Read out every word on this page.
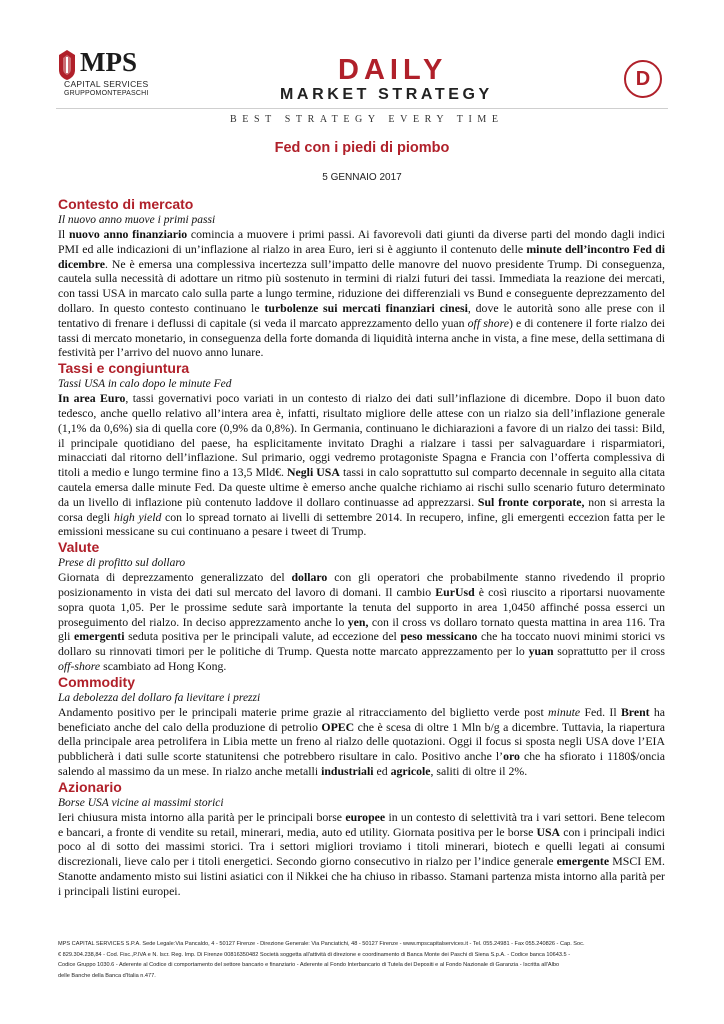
MPS
CAPITAL SERVICES
GRUPPOMONTEPASCHI
DAILY
MARKET STRATEGY
D
BEST STRATEGY EVERY TIME
Fed con i piedi di piombo
5 GENNAIO 2017
Contesto di mercato
Il nuovo anno muove i primi passi

Il nuovo anno finanziario comincia a muovere i primi passi. Ai favorevoli dati giunti da diverse parti del mondo dagli indici PMI ed alle indicazioni di un’inflazione al rialzo in area Euro, ieri si è aggiunto il contenuto delle minute dell’incontro Fed di dicembre. Ne è emersa una complessiva incertezza sull’impatto delle manovre del nuovo presidente Trump. Di conseguenza, cautela sulla necessità di adottare un ritmo più sostenuto in termini di rialzi futuri dei tassi. Immediata la reazione dei mercati, con tassi USA in marcato calo sulla parte a lungo termine, riduzione dei differenziali vs Bund e conseguente deprezzamento del dollaro. In questo contesto continuano le turbolenze sui mercati finanziari cinesi, dove le autorità sono alle prese con il tentativo di frenare i deflussi di capitale (si veda il marcato apprezzamento dello yuan off shore) e di contenere il forte rialzo dei tassi di mercato monetario, in conseguenza della forte domanda di liquidità interna anche in vista, a fine mese, della settimana di festività per l’arrivo del nuovo anno lunare.

Tassi e congiuntura
Tassi USA in calo dopo le minute Fed

In area Euro, tassi governativi poco variati in un contesto di rialzo dei dati sull’inflazione di dicembre. Dopo il buon dato tedesco, anche quello relativo all’intera area è, infatti, risultato migliore delle attese con un rialzo sia dell’inflazione generale (1,1% da 0,6%) sia di quella core (0,9% da 0,8%). In Germania, continuano le dichiarazioni a favore di un rialzo dei tassi: Bild, il principale quotidiano del paese, ha esplicitamente invitato Draghi a rialzare i tassi per salvaguardare i risparmiatori, minacciati dal ritorno dell’inflazione. Sul primario, oggi vedremo protagoniste Spagna e Francia con l’offerta complessiva di titoli a medio e lungo termine fino a 13,5 Mld€. Negli USA tassi in calo soprattutto sul comparto decennale in seguito alla citata cautela emersa dalle minute Fed. Da queste ultime è emerso anche qualche richiamo ai rischi sullo scenario futuro determinato da un livello di inflazione più contenuto laddove il dollaro continuasse ad apprezzarsi. Sul fronte corporate, non si arresta la corsa degli high yield con lo spread tornato ai livelli di settembre 2014. In recupero, infine, gli emergenti eccezion fatta per le emissioni messicane su cui continuano a pesare i tweet di Trump.

Valute
Prese di profitto sul dollaro

Giornata di deprezzamento generalizzato del dollaro con gli operatori che probabilmente stanno rivedendo il proprio posizionamento in vista dei dati sul mercato del lavoro di domani. Il cambio EurUsd è così riuscito a riportarsi nuovamente sopra quota 1,05. Per le prossime sedute sarà importante la tenuta del supporto in area 1,0450 affinché possa esserci un proseguimento del rialzo. In deciso apprezzamento anche lo yen, con il cross vs dollaro tornato questa mattina in area 116. Tra gli emergenti seduta positiva per le principali valute, ad eccezione del peso messicano che ha toccato nuovi minimi storici vs dollaro su rinnovati timori per le politiche di Trump. Questa notte marcato apprezzamento per lo yuan soprattutto per il cross off-shore scambiato ad Hong Kong.

Commodity
La debolezza del dollaro fa lievitare i prezzi

Andamento positivo per le principali materie prime grazie al ritracciamento del biglietto verde post minute Fed. Il Brent ha beneficiato anche del calo della produzione di petrolio OPEC che è scesa di oltre 1 Mln b/g a dicembre. Tuttavia, la riapertura della principale area petrolifera in Libia mette un freno al rialzo delle quotazioni. Oggi il focus si sposta negli USA dove l’EIA pubblicherà i dati sulle scorte statunitensi che potrebbero risultare in calo. Positivo anche l’oro che ha sfiorato i 1180$/oncia salendo al massimo da un mese. In rialzo anche metalli industriali ed agricole, saliti di oltre il 2%.

Azionario
Borse USA vicine ai massimi storici

Ieri chiusura mista intorno alla parità per le principali borse europee in un contesto di selettività tra i vari settori. Bene telecom e bancari, a fronte di vendite su retail, minerari, media, auto ed utility. Giornata positiva per le borse USA con i principali indici poco al di sotto dei massimi storici. Tra i settori migliori troviamo i titoli minerari, biotech e quelli legati ai consumi discrezionali, lieve calo per i titoli energetici. Secondo giorno consecutivo in rialzo per l’indice generale emergente MSCI EM. Stanotte andamento misto sui listini asiatici con il Nikkei che ha chiuso in ribasso. Stamani partenza mista intorno alla parità per i principali listini europei.

MPS CAPITAL SERVICES S.P.A. Sede Legale:Via Pancaldo, 4 - 50127 Firenze - Direzione Generale: Via Panciatichi, 48 - 50127 Firenze - www.mpscapitalservices.it - Tel. 055.24981 - Fax 055.240826 - Cap. Soc.
€ 829.304.238,84 - Cod. Fisc.,P.IVA e N. Iscr. Reg. Imp. Di Firenze 00816350482 Società soggetta all'attività di direzione e coordinamento di Banca Monte dei Paschi di Siena S.p.A. - Codice banca 10643.5 -
Codice Gruppo 1030.6 - Aderente al Codice di comportamento del settore bancario e finanziario - Aderente al Fondo Interbancario di Tutela dei Depositi e al Fondo Nazionale di Garanzia - Iscritta all'Albo
delle Banche della Banca d'Italia n.477.
